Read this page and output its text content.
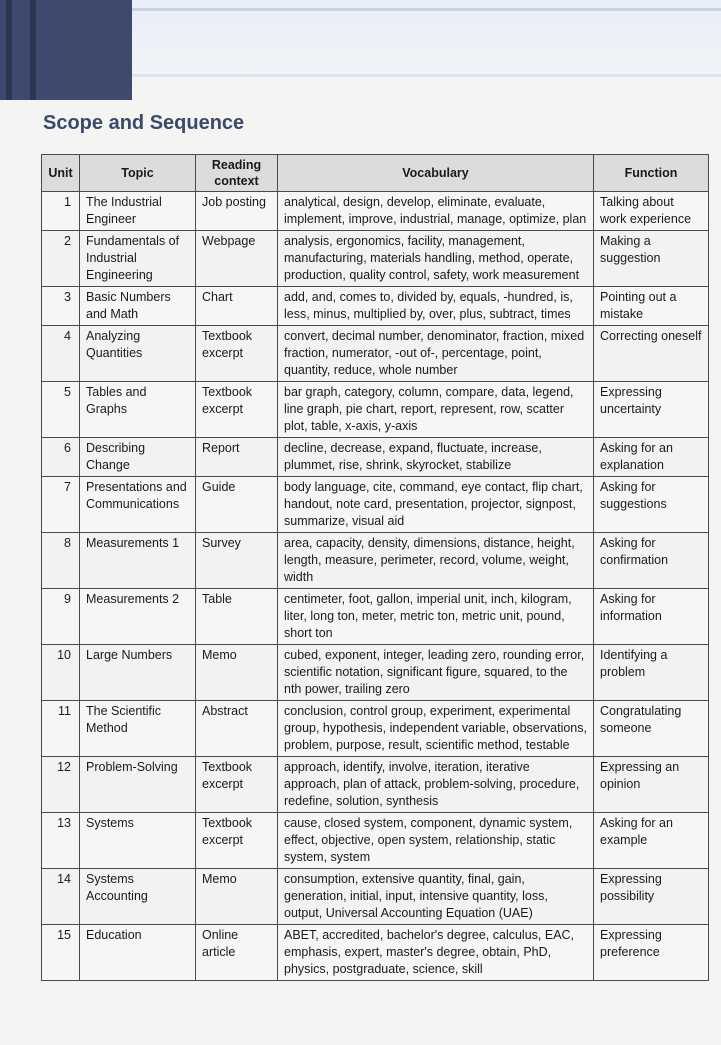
Scope and Sequence
Unit	Topic	Reading context	Vocabulary	Function
1	The Industrial Engineer	Job posting	analytical, design, develop, eliminate, evaluate, implement, improve, industrial, manage, optimize, plan	Talking about work experience
2	Fundamentals of Industrial Engineering	Webpage	analysis, ergonomics, facility, management, manufacturing, materials handling, method, operate, production, quality control, safety, work measurement	Making a suggestion
3	Basic Numbers and Math	Chart	add, and, comes to, divided by, equals, -hundred, is, less, minus, multiplied by, over, plus, subtract, times	Pointing out a mistake
4	Analyzing Quantities	Textbook excerpt	convert, decimal number, denominator, fraction, mixed fraction, numerator, -out of-, percentage, point, quantity, reduce, whole number	Correcting oneself
5	Tables and Graphs	Textbook excerpt	bar graph, category, column, compare, data, legend, line graph, pie chart, report, represent, row, scatter plot, table, x-axis, y-axis	Expressing uncertainty
6	Describing Change	Report	decline, decrease, expand, fluctuate, increase, plummet, rise, shrink, skyrocket, stabilize	Asking for an explanation
7	Presentations and Communications	Guide	body language, cite, command, eye contact, flip chart, handout, note card, presentation, projector, signpost, summarize, visual aid	Asking for suggestions
8	Measurements 1	Survey	area, capacity, density, dimensions, distance, height, length, measure, perimeter, record, volume, weight, width	Asking for confirmation
9	Measurements 2	Table	centimeter, foot, gallon, imperial unit, inch, kilogram, liter, long ton, meter, metric ton, metric unit, pound, short ton	Asking for information
10	Large Numbers	Memo	cubed, exponent, integer, leading zero, rounding error, scientific notation, significant figure, squared, to the nth power, trailing zero	Identifying a problem
11	The Scientific Method	Abstract	conclusion, control group, experiment, experimental group, hypothesis, independent variable, observations, problem, purpose, result, scientific method, testable	Congratulating someone
12	Problem-Solving	Textbook excerpt	approach, identify, involve, iteration, iterative approach, plan of attack, problem-solving, procedure, redefine, solution, synthesis	Expressing an opinion
13	Systems	Textbook excerpt	cause, closed system, component, dynamic system, effect, objective, open system, relationship, static system, system	Asking for an example
14	Systems Accounting	Memo	consumption, extensive quantity, final, gain, generation, initial, input, intensive quantity, loss, output, Universal Accounting Equation (UAE)	Expressing possibility
15	Education	Online article	ABET, accredited, bachelor's degree, calculus, EAC, emphasis, expert, master's degree, obtain, PhD, physics, postgraduate, science, skill	Expressing preference
